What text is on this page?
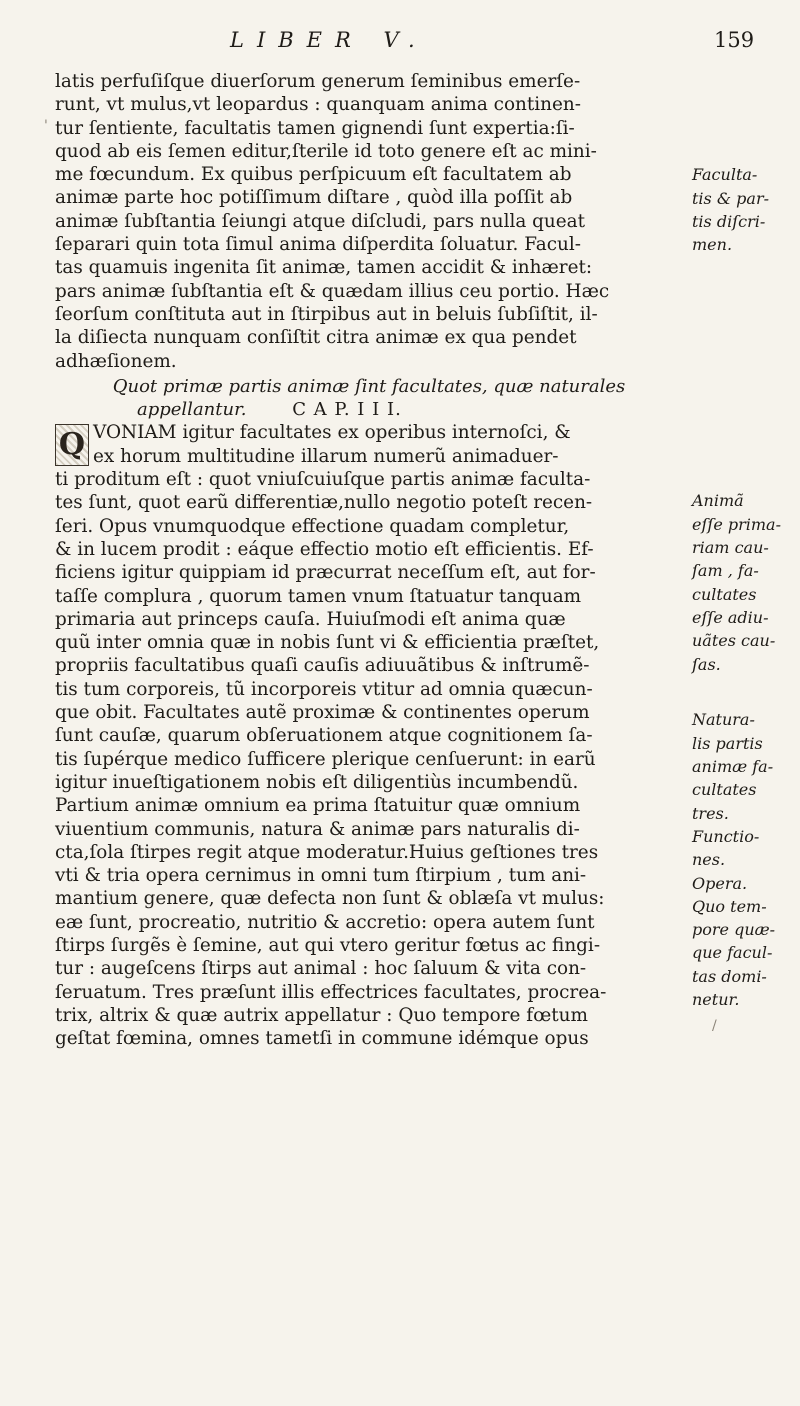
LIBER V.	159
latis perfuſiſque diuerſorum generum ſeminibus emerſe-
runt, vt mulus,vt leopardus : quanquam anima continen-
tur ſentiente, facultatis tamen gignendi ſunt expertia:ſi-
quod ab eis ſemen editur,ſterile id toto genere eſt ac mini-
me fœcundum. Ex quibus perſpicuum eſt facultatem ab
animæ parte hoc potiſſimum diſtare , quòd illa poſſit ab
animæ ſubſtantia ſeiungi atque diſcludi, pars nulla queat
ſeparari quin tota ſimul anima diſperdita ſoluatur. Facul-
tas quamuis ingenita ſit animæ, tamen accidit & inhæret:
pars animæ ſubſtantia eſt & quædam illius ceu portio. Hæc
ſeorſum conſtituta aut in ſtirpibus aut in beluis ſubſiſtit, il-
la diſiecta nunquam conſiſtit citra animæ ex qua pendet
adhæſionem.
Quot primæ partis animæ ſint facultates, quæ naturales
appellantur.	C A P. I I I.
Q VONIAM igitur facultates ex operibus internoſci, &
ex horum multitudine illarum numerũ animaduer-
ti proditum eſt : quot vniuſcuiuſque partis animæ faculta-
tes ſunt, quot earũ differentiæ,nullo negotio poteſt recen-
ſeri. Opus vnumquodque effectione quadam completur,
& in lucem prodit : eáque effectio motio eſt efficientis. Ef-
ficiens igitur quippiam id præcurrat neceſſum eſt, aut for-
taſſe complura , quorum tamen vnum ſtatuatur tanquam
primaria aut princeps cauſa. Huiuſmodi eſt anima quæ
quũ inter omnia quæ in nobis ſunt vi & efficientia præſtet,
propriis facultatibus quaſi cauſis adiuuãtibus & inſtrumẽ-
tis tum corporeis, tũ incorporeis vtitur ad omnia quæcun-
que obit. Facultates autẽ proximæ & continentes operum
ſunt cauſæ, quarum obſeruationem atque cognitionem ſa-
tis ſupérque medico ſufficere plerique cenſuerunt: in earũ
igitur inueſtigationem nobis eſt diligentiùs incumbendũ.
Partium animæ omnium ea prima ſtatuitur quæ omnium
viuentium communis, natura & animæ pars naturalis di-
cta,ſola ſtirpes regit atque moderatur.Huius geſtiones tres
vti & tria opera cernimus in omni tum ſtirpium , tum ani-
mantium genere, quæ defecta non ſunt & oblæſa vt mulus:
eæ ſunt, procreatio, nutritio & accretio: opera autem ſunt
ſtirps ſurgẽs è ſemine, aut qui vtero geritur fœtus ac fingi-
tur : augeſcens ſtirps aut animal : hoc ſaluum & vita con-
ſeruatum. Tres præſunt illis effectrices facultates, procrea-
trix, altrix & quæ autrix appellatur : Quo tempore fœtum
geſtat fœmina, omnes tametſi in commune idémque opus
Faculta-
tis & par-
tis diſcri-
men.
Animã
eſſe prima-
riam cau-
ſam , fa-
cultates
eſſe adiu-
uãtes cau-
ſas.
Natura-
lis partis
animæ fa-
cultates
tres.
Functio-
nes.
Opera.
Quo tem-
pore quæ-
que facul-
tas domi-
netur.
'
/
